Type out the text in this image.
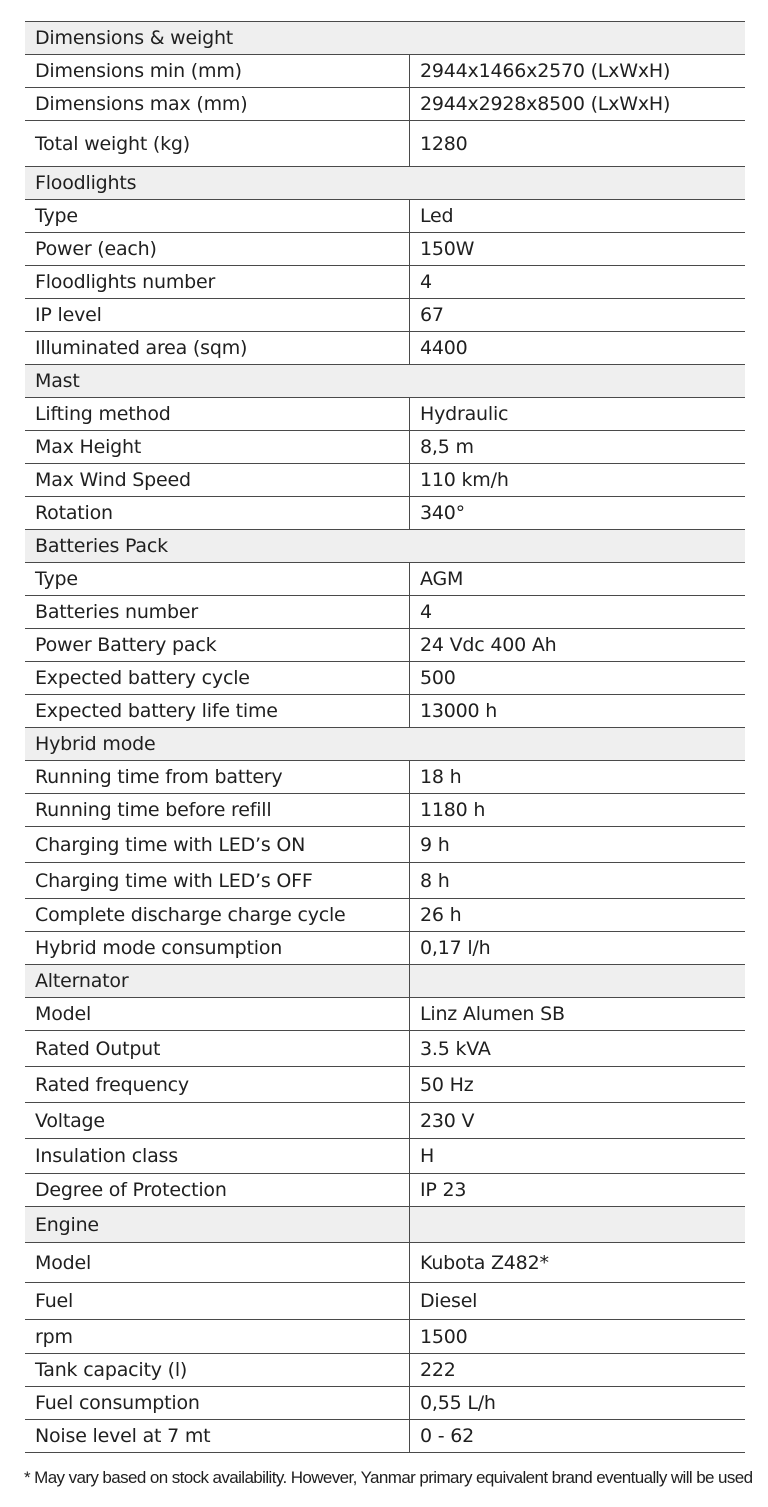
Dimensions & weight
Dimensions min (mm)	2944x1466x2570 (LxWxH)
Dimensions max (mm)	2944x2928x8500 (LxWxH)
Total weight (kg)	1280
Floodlights
Type	Led
Power (each)	150W
Floodlights number	4
IP level	67
Illuminated area (sqm)	4400
Mast
Lifting method	Hydraulic
Max Height	8,5 m
Max Wind Speed	110 km/h
Rotation	340°
Batteries Pack
Type	AGM
Batteries number	4
Power Battery pack	24 Vdc 400 Ah
Expected battery cycle	500
Expected battery life time	13000 h
Hybrid mode
Running time from battery	18 h
Running time before refill	1180 h
Charging time with LED’s ON	9 h
Charging time with LED’s OFF	8 h
Complete discharge charge cycle	26 h
Hybrid mode consumption	0,17 l/h
Alternator
Model	Linz Alumen SB
Rated Output	3.5 kVA
Rated frequency	50 Hz
Voltage	230 V
Insulation class	H
Degree of Protection	IP 23
Engine
Model	Kubota Z482*
Fuel	Diesel
rpm	1500
Tank capacity (l)	222
Fuel consumption	0,55 L/h
Noise level at 7 mt	0 - 62
* May vary based on stock availability. However, Yanmar primary equivalent brand eventually will be used
